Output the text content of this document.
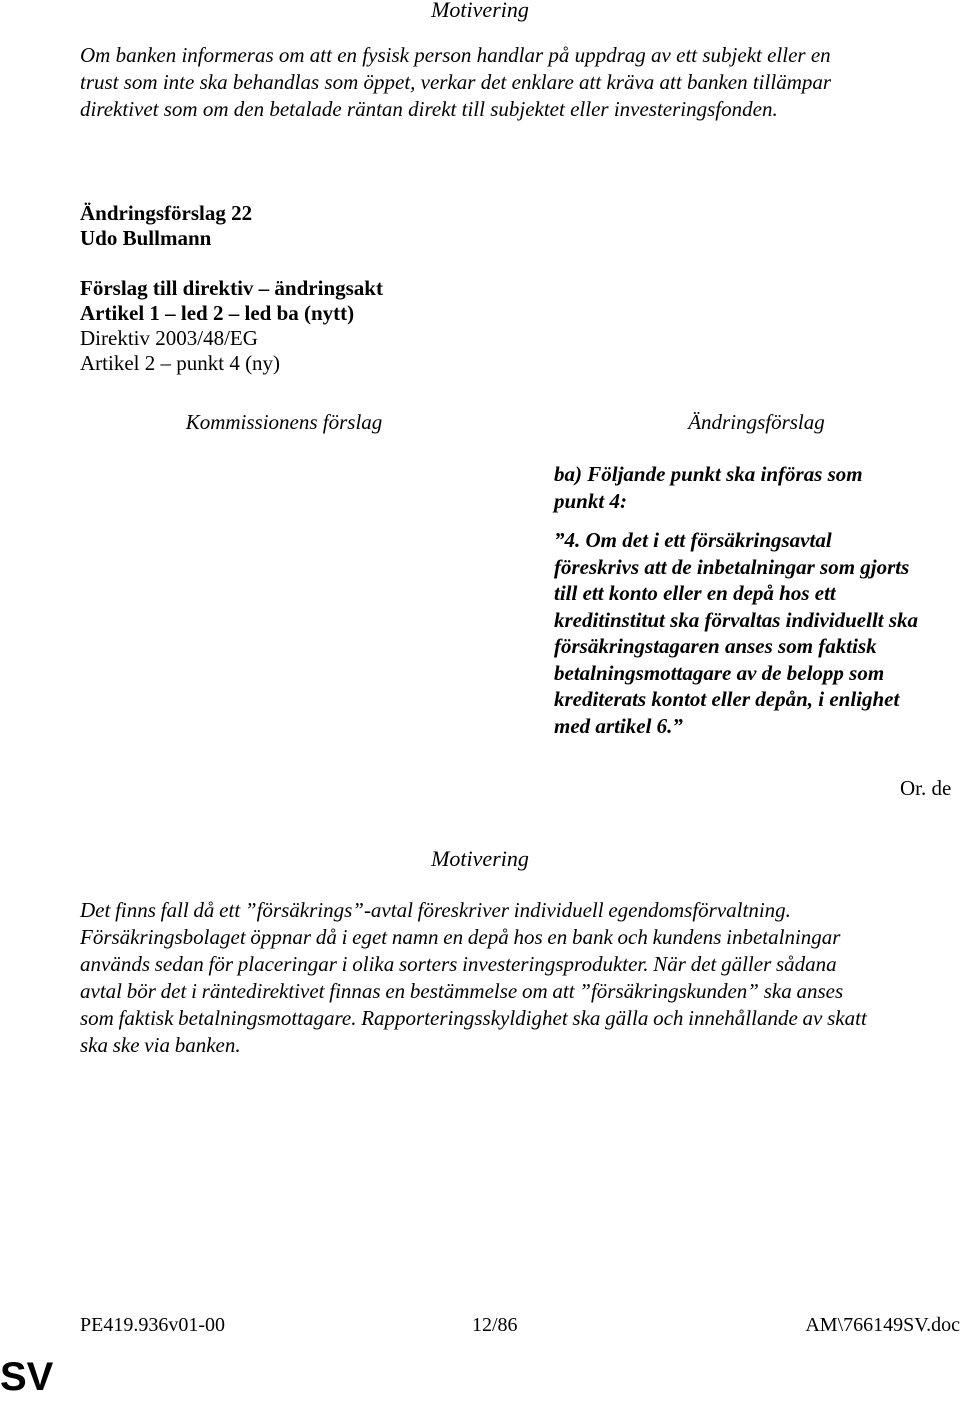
Motivering
Om banken informeras om att en fysisk person handlar på uppdrag av ett subjekt eller en
trust som inte ska behandlas som öppet, verkar det enklare att kräva att banken tillämpar
direktivet som om den betalade räntan direkt till subjektet eller investeringsfonden.
Ändringsförslag 22
Udo Bullmann
Förslag till direktiv – ändringsakt
Artikel 1 – led 2 – led ba (nytt)
Direktiv 2003/48/EG
Artikel 2 – punkt 4 (ny)
Kommissionens förslag	Ändringsförslag
ba) Följande punkt ska införas som
punkt 4:
”4. Om det i ett försäkringsavtal
föreskrivs att de inbetalningar som gjorts
till ett konto eller en depå hos ett
kreditinstitut ska förvaltas individuellt ska
försäkringstagaren anses som faktisk
betalningsmottagare av de belopp som
krediterats kontot eller depån, i enlighet
med artikel 6.”
Or. de
Motivering
Det finns fall då ett ”försäkrings”-avtal föreskriver individuell egendomsförvaltning.
Försäkringsbolaget öppnar då i eget namn en depå hos en bank och kundens inbetalningar
används sedan för placeringar i olika sorters investeringsprodukter. När det gäller sådana
avtal bör det i räntedirektivet finnas en bestämmelse om att ”försäkringskunden” ska anses
som faktisk betalningsmottagare. Rapporteringsskyldighet ska gälla och innehållande av skatt
ska ske via banken.
PE419.936v01-00	12/86	AM\766149SV.doc
SV
